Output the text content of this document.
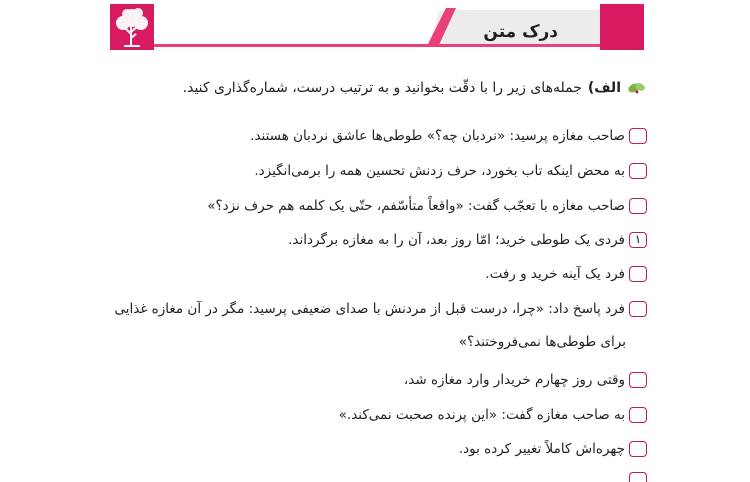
درک متن
الف)
جمله‌های زیر را با دقّت بخوانید و به ترتیب درست، شماره‌گذاری کنید.
صاحب مغازه پرسید: «نردبان چه؟» طوطی‌ها عاشق نردبان هستند.
به محض اینکه تاب بخورد، حرف زدنش تحسین همه را برمی‌انگیزد.
صاحب مغازه با تعجّب گفت: «واقعاً متأسّفم، حتّی یک کلمه هم حرف نزد؟»
۱
فردی یک طوطی خرید؛ امّا روز بعد، آن را به مغازه برگرداند.
فرد یک آینه خرید و رفت.
فرد پاسخ داد: «چرا، درست قبل از مردنش با صدای ضعیفی پرسید: مگر در آن مغازه غذایی
برای طوطی‌ها نمی‌فروختند؟»
وقتی روز چهارم خریدار وارد مغازه شد،
به صاحب مغازه گفت: «این پرنده صحبت نمی‌کند.»
چهره‌اش کاملاً تغییر کرده بود.
